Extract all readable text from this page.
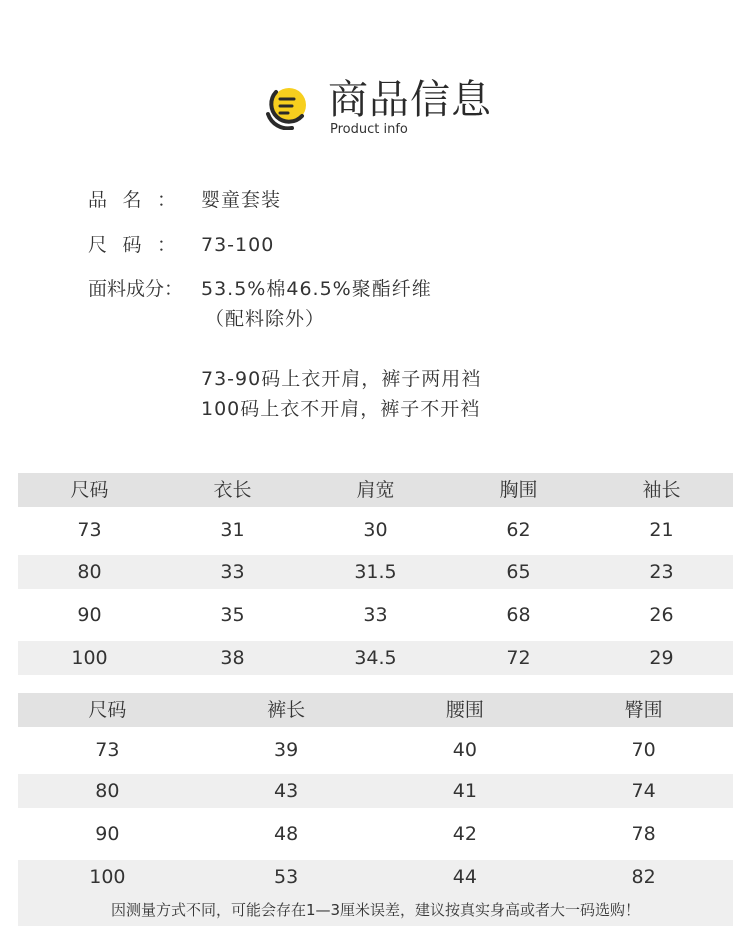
商品信息
Product info
品 名 ： 婴童套装
尺 码 ： 73-100
面料成分： 53.5%棉46.5%聚酯纤维
（配料除外）
73-90码上衣开肩，裤子两用裆
100码上衣不开肩，裤子不开裆
尺码	衣长	肩宽	胸围	袖长
73	31	30	62	21
80	33	31.5	65	23
90	35	33	68	26
100	38	34.5	72	29
尺码	裤长	腰围	臀围
73	39	40	70
80	43	41	74
90	48	42	78
100	53	44	82
因测量方式不同，可能会存在1—3厘米误差，建议按真实身高或者大一码选购！
